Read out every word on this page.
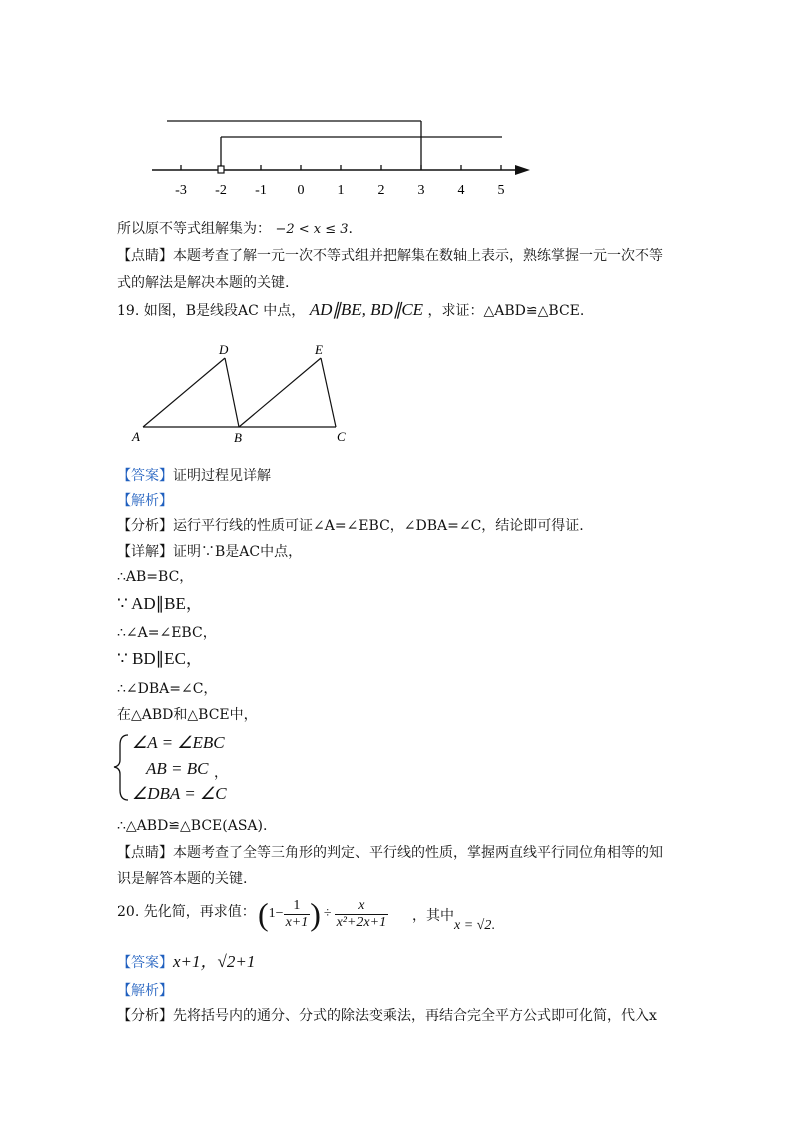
-3 -2 -1 0 1 2 3 4 5
所以原不等式组解集为： −2 < x ≤ 3.
【点睛】本题考查了解一元一次不等式组并把解集在数轴上表示，熟练掌握一元一次不等
式的解法是解决本题的关键.
19. 如图，B是线段AC 中点， AD∥BE, BD∥CE ，求证：△ABD≌△BCE.
D	E
A	B	C
【答案】证明过程见详解
【解析】
【分析】运行平行线的性质可证∠A=∠EBC，∠DBA=∠C，结论即可得证.
【详解】证明∵B是AC中点，
∴AB=BC，
∵ AD∥BE，
∴∠A=∠EBC，
∵ BD∥EC，
∴∠DBA=∠C，
在△ABD和△BCE中，
∠A = ∠EBC
AB = BC
∠DBA = ∠C
，
∴△ABD≌△BCE(ASA).
【点睛】本题考查了全等三角形的判定、平行线的性质，掌握两直线平行同位角相等的知
识是解答本题的关键.
20. 先化简，再求值： ( $1- \frac{1}{x+1}$ ) ÷ $\frac{x}{\text{x²+2x+1}}$ ，其中
x = √2.
【答案】x+1，√2+1
【解析】
【分析】先将括号内的通分、分式的除法变乘法，再结合完全平方公式即可化简，代入x
